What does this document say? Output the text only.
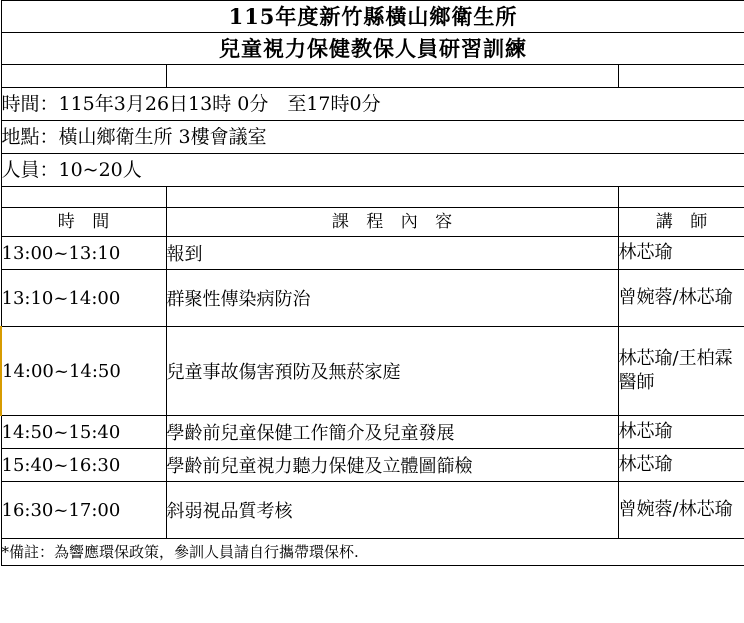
115年度新竹縣橫山鄉衛生所		
兒童視力保健教保人員研習訓練		

時間：115年3月26日13時 0分　至17時0分		
地點：橫山鄉衛生所 3樓會議室		
人員：10~20人		

時 間	課 程 內 容	講 師
13:00~13:10	報到	林芯瑜
13:10~14:00	群聚性傳染病防治	曾婉蓉/林芯瑜
14:00~14:50	兒童事故傷害預防及無菸家庭	林芯瑜/王柏霖醫師
14:50~15:40	學齡前兒童保健工作簡介及兒童發展	林芯瑜
15:40~16:30	學齡前兒童視力聽力保健及立體圖篩檢	林芯瑜
16:30~17:00	斜弱視品質考核	曾婉蓉/林芯瑜
*備註：為響應環保政策，參訓人員請自行攜帶環保杯.		
